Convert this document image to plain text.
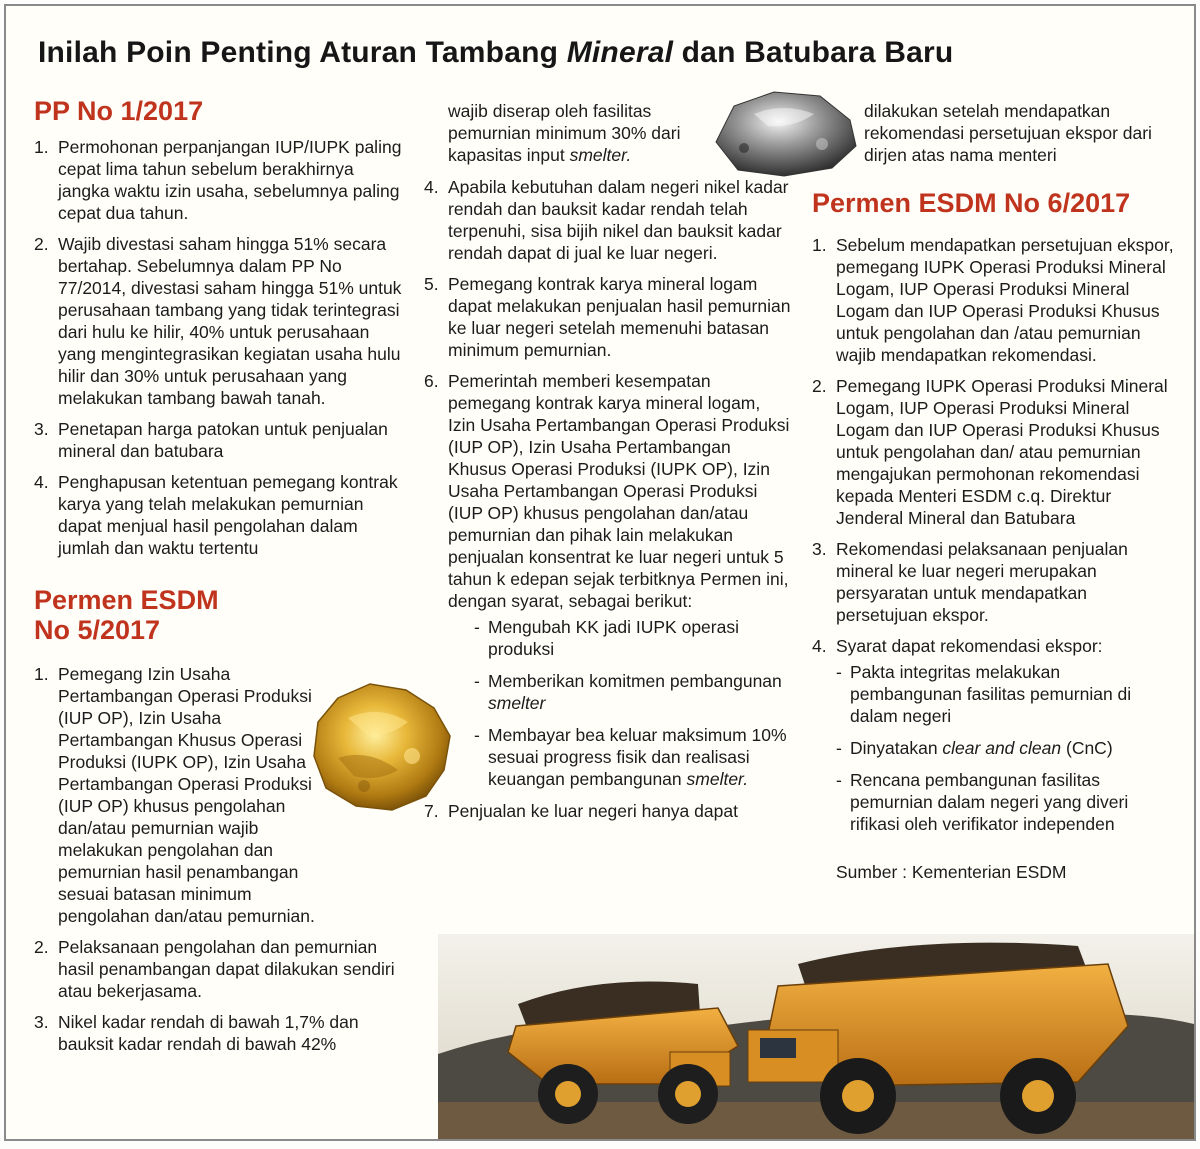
Inilah Poin Penting Aturan Tambang Mineral dan Batubara Baru
PP No 1/2017
1. Permohonan perpanjangan IUP/IUPK paling cepat lima tahun sebelum berakhirnya jangka waktu izin usaha, sebelumnya paling cepat dua tahun.
2. Wajib divestasi saham hingga 51% secara bertahap. Sebelumnya dalam PP No 77/2014, divestasi saham hingga 51% untuk perusahaan tambang yang tidak terintegrasi dari hulu ke hilir, 40% untuk perusahaan yang mengintegrasikan kegiatan usaha hulu hilir dan 30% untuk perusahaan yang melakukan tambang bawah tanah.
3. Penetapan harga patokan untuk penjualan mineral dan batubara
4. Penghapusan ketentuan pemegang kontrak karya yang telah melakukan pemurnian dapat menjual hasil pengolahan dalam jumlah dan waktu tertentu
Permen ESDM
No 5/2017
1. Pemegang Izin Usaha Pertambangan Operasi Produksi (IUP OP), Izin Usaha Pertambangan Khusus Operasi Produksi (IUPK OP), Izin Usaha Pertambangan Operasi Produksi (IUP OP) khusus pengolahan dan/atau pemurnian wajib melakukan pengolahan dan pemurnian hasil penambangan sesuai batasan minimum pengolahan dan/atau pemurnian.
2. Pelaksanaan pengolahan dan pemurnian hasil penambangan dapat dilakukan sendiri atau bekerjasama.
3. Nikel kadar rendah di bawah 1,7% dan bauksit kadar rendah di bawah 42%

wajib diserap oleh fasilitas pemurnian minimum 30% dari kapasitas input smelter.

4. Apabila kebutuhan dalam negeri nikel kadar rendah dan bauksit kadar rendah telah terpenuhi, sisa bijih nikel dan bauksit kadar rendah dapat di jual ke luar negeri.
5. Pemegang kontrak karya mineral logam dapat melakukan penjualan hasil pemurnian ke luar negeri setelah memenuhi batasan minimum pemurnian.
6. Pemerintah memberi kesempatan pemegang kontrak karya mineral logam, Izin Usaha Pertambangan Operasi Produksi (IUP OP), Izin Usaha Pertambangan Khusus Operasi Produksi (IUPK OP), Izin Usaha Pertambangan Operasi Produksi (IUP OP) khusus pengolahan dan/atau pemurnian dan pihak lain melakukan penjualan konsentrat ke luar negeri untuk 5 tahun k edepan sejak terbitknya Permen ini, dengan syarat, sebagai berikut:
- Mengubah KK jadi IUPK operasi produksi
- Memberikan komitmen pembangunan smelter
- Membayar bea keluar maksimum 10% sesuai progress fisik dan realisasi keuangan pembangunan smelter.
7. Penjualan ke luar negeri hanya dapat

dilakukan setelah mendapatkan rekomendasi persetujuan ekspor dari dirjen atas nama menteri

Permen ESDM No 6/2017
1. Sebelum mendapatkan persetujuan ekspor, pemegang IUPK Operasi Produksi Mineral Logam, IUP Operasi Produksi Mineral Logam dan IUP Operasi Produksi Khusus untuk pengolahan dan /atau pemurnian wajib mendapatkan rekomendasi.
2. Pemegang IUPK Operasi Produksi Mineral Logam, IUP Operasi Produksi Mineral Logam dan IUP Operasi Produksi Khusus untuk pengolahan dan/ atau pemurnian mengajukan permohonan rekomendasi kepada Menteri ESDM c.q. Direktur Jenderal Mineral dan Batubara
3. Rekomendasi pelaksanaan penjualan mineral ke luar negeri merupakan persyaratan untuk mendapatkan persetujuan ekspor.
4. Syarat dapat rekomendasi ekspor:
- Pakta integritas melakukan pembangunan fasilitas pemurnian di dalam negeri
- Dinyatakan clear and clean (CnC)
- Rencana pembangunan fasilitas pemurnian dalam negeri yang diveri rifikasi oleh verifikator independen
Sumber : Kementerian ESDM
